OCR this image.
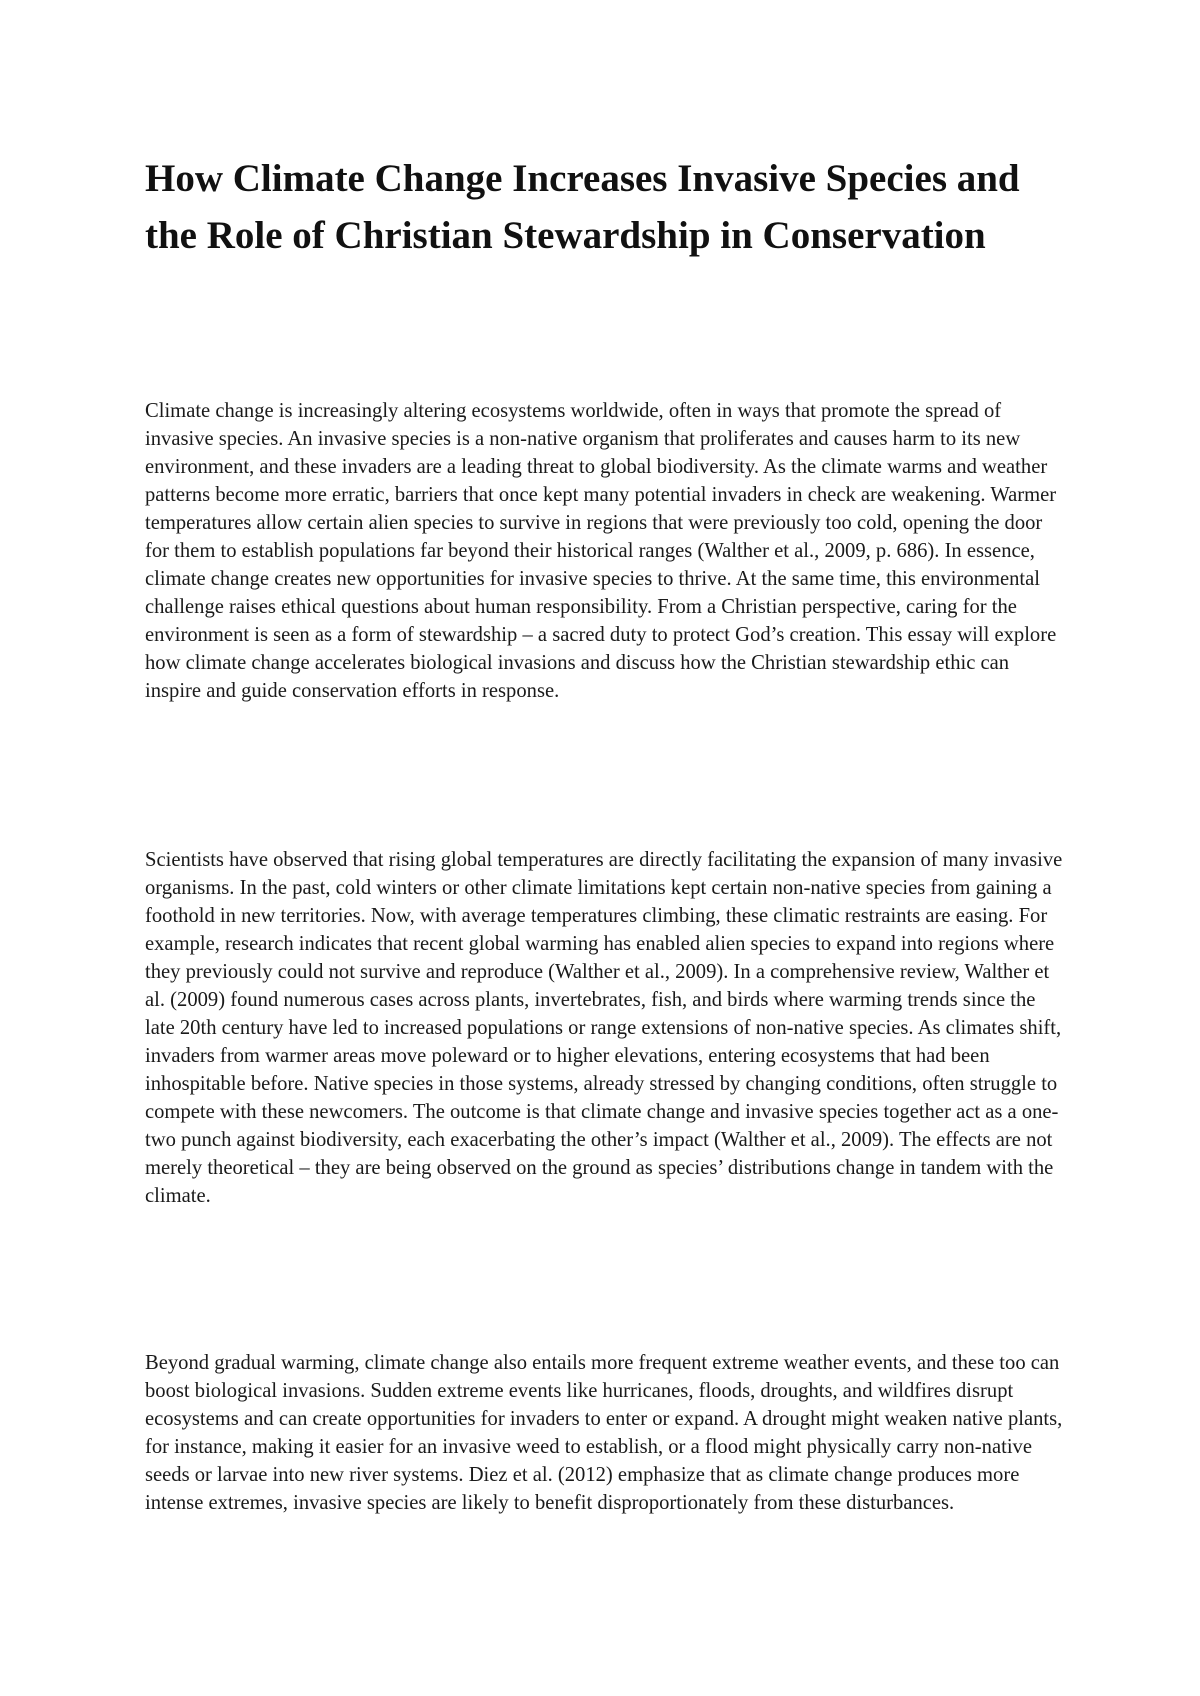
How Climate Change Increases Invasive Species and the Role of Christian Stewardship in Conservation

Climate change is increasingly altering ecosystems worldwide, often in ways that promote the spread of invasive species. An invasive species is a non-native organism that proliferates and causes harm to its new environment, and these invaders are a leading threat to global biodiversity. As the climate warms and weather patterns become more erratic, barriers that once kept many potential invaders in check are weakening. Warmer temperatures allow certain alien species to survive in regions that were previously too cold, opening the door for them to establish populations far beyond their historical ranges (Walther et al., 2009, p. 686). In essence, climate change creates new opportunities for invasive species to thrive. At the same time, this environmental challenge raises ethical questions about human responsibility. From a Christian perspective, caring for the environment is seen as a form of stewardship – a sacred duty to protect God’s creation. This essay will explore how climate change accelerates biological invasions and discuss how the Christian stewardship ethic can inspire and guide conservation efforts in response.

Scientists have observed that rising global temperatures are directly facilitating the expansion of many invasive organisms. In the past, cold winters or other climate limitations kept certain non-native species from gaining a foothold in new territories. Now, with average temperatures climbing, these climatic restraints are easing. For example, research indicates that recent global warming has enabled alien species to expand into regions where they previously could not survive and reproduce (Walther et al., 2009). In a comprehensive review, Walther et al. (2009) found numerous cases across plants, invertebrates, fish, and birds where warming trends since the late 20th century have led to increased populations or range extensions of non-native species. As climates shift, invaders from warmer areas move poleward or to higher elevations, entering ecosystems that had been inhospitable before. Native species in those systems, already stressed by changing conditions, often struggle to compete with these newcomers. The outcome is that climate change and invasive species together act as a one-two punch against biodiversity, each exacerbating the other’s impact (Walther et al., 2009). The effects are not merely theoretical – they are being observed on the ground as species’ distributions change in tandem with the climate.

Beyond gradual warming, climate change also entails more frequent extreme weather events, and these too can boost biological invasions. Sudden extreme events like hurricanes, floods, droughts, and wildfires disrupt ecosystems and can create opportunities for invaders to enter or expand. A drought might weaken native plants, for instance, making it easier for an invasive weed to establish, or a flood might physically carry non-native seeds or larvae into new river systems. Diez et al. (2012) emphasize that as climate change produces more intense extremes, invasive species are likely to benefit disproportionately from these disturbances.
